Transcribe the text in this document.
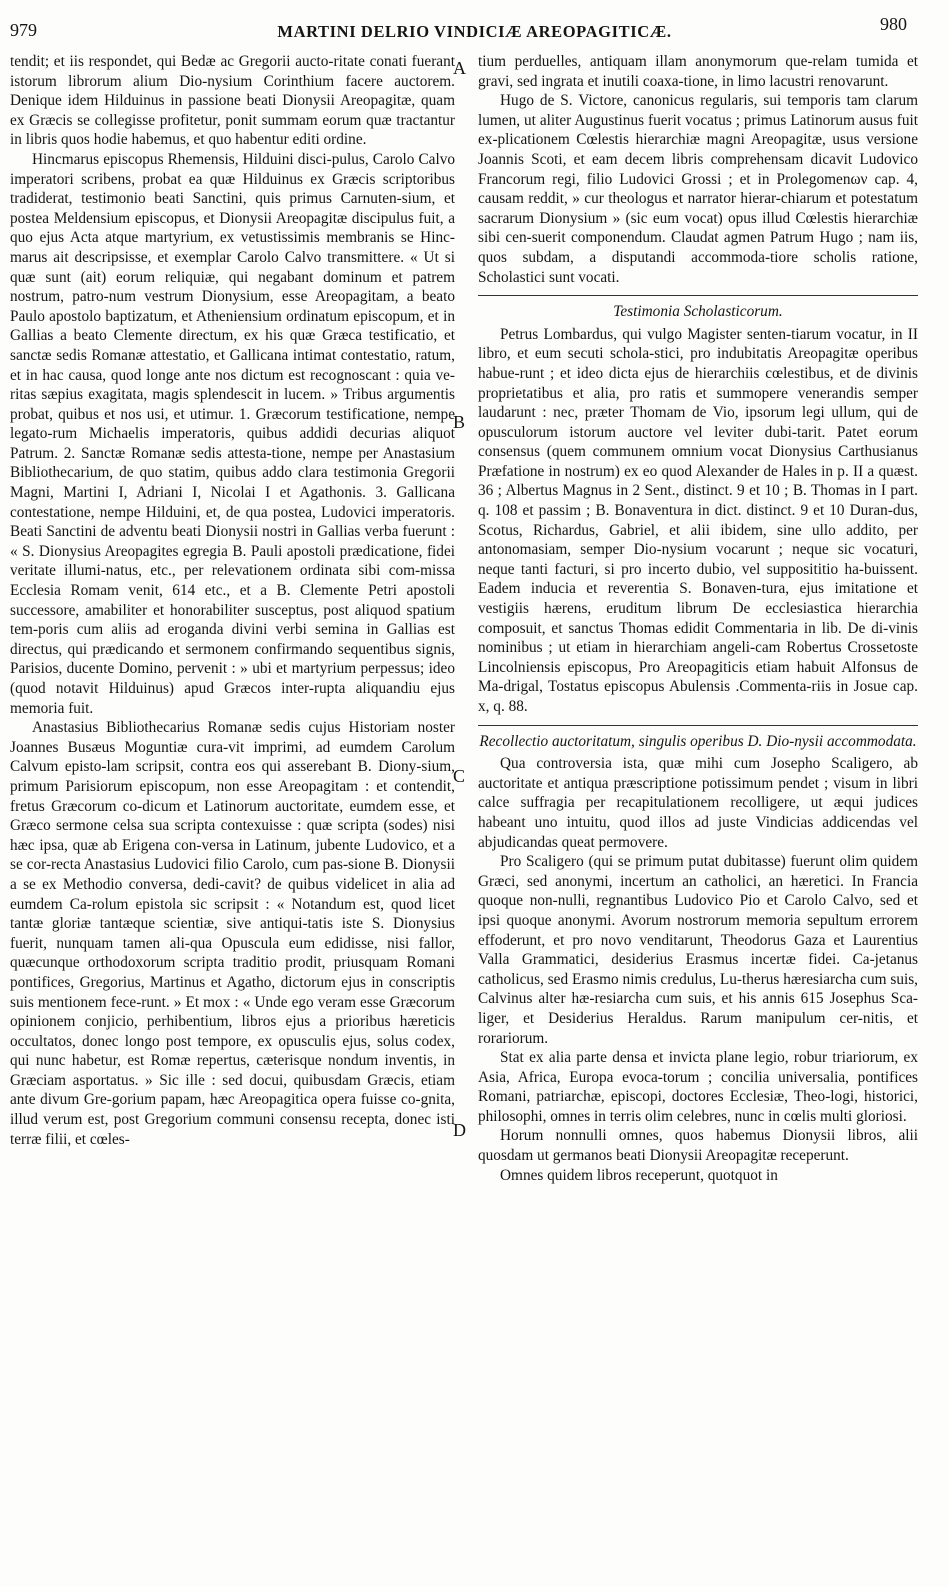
979	MARTINI DELRIO VINDICIÆ AREOPAGITICÆ.	980
A
B
C
D

tendit; et iis respondet, qui Bedæ ac Gregorii aucto-ritate conati fuerant istorum librorum alium Dio-nysium Corinthium facere auctorem. Denique idem Hilduinus in passione beati Dionysii Areopagitæ, quam ex Græcis se collegisse profitetur, ponit summam eorum quæ tractantur in libris quos hodie habemus, et quo habentur editi ordine.

Hincmarus episcopus Rhemensis, Hilduini disci-pulus, Carolo Calvo imperatori scribens, probat ea quæ Hilduinus ex Græcis scriptoribus tradiderat, testimonio beati Sanctini, quis primus Carnuten-sium, et postea Meldensium episcopus, et Dionysii Areopagitæ discipulus fuit, a quo ejus Acta atque martyrium, ex vetustissimis membranis se Hinc-marus ait descripsisse, et exemplar Carolo Calvo transmittere. « Ut si quæ sunt (ait) eorum reliquiæ, qui negabant dominum et patrem nostrum, patro-num vestrum Dionysium, esse Areopagitam, a beato Paulo apostolo baptizatum, et Atheniensium ordinatum episcopum, et in Gallias a beato Clemente directum, ex his quæ Græca testificatio, et sanctæ sedis Romanæ attestatio, et Gallicana intimat contestatio, ratum, et in hac causa, quod longe ante nos dictum est recognoscant : quia ve-ritas sæpius exagitata, magis splendescit in lucem. » Tribus argumentis probat, quibus et nos usi, et utimur. 1. Græcorum testificatione, nempe legato-rum Michaelis imperatoris, quibus addidi decurias aliquot Patrum. 2. Sanctæ Romanæ sedis attesta-tione, nempe per Anastasium Bibliothecarium, de quo statim, quibus addo clara testimonia Gregorii Magni, Martini I, Adriani I, Nicolai I et Agathonis. 3. Gallicana contestatione, nempe Hilduini, et, de qua postea, Ludovici imperatoris. Beati Sanctini de adventu beati Dionysii nostri in Gallias verba fuerunt : « S. Dionysius Areopagites egregia B. Pauli apostoli prædicatione, fidei veritate illumi-natus, etc., per relevationem ordinata sibi com-missa Ecclesia Romam venit, 614 etc., et a B. Clemente Petri apostoli successore, amabiliter et honorabiliter susceptus, post aliquod spatium tem-poris cum aliis ad eroganda divini verbi semina in Gallias est directus, qui prædicando et sermonem confirmando sequentibus signis, Parisios, ducente Domino, pervenit : » ubi et martyrium perpessus; ideo (quod notavit Hilduinus) apud Græcos inter-rupta aliquandiu ejus memoria fuit.

Anastasius Bibliothecarius Romanæ sedis cujus Historiam noster Joannes Busæus Moguntiæ cura-vit imprimi, ad eumdem Carolum Calvum episto-lam scripsit, contra eos qui asserebant B. Diony-sium, primum Parisiorum episcopum, non esse Areopagitam : et contendit, fretus Græcorum co-dicum et Latinorum auctoritate, eumdem esse, et Græco sermone celsa sua scripta contexuisse : quæ scripta (sodes) nisi hæc ipsa, quæ ab Erigena con-versa in Latinum, jubente Ludovico, et a se cor-recta Anastasius Ludovici filio Carolo, cum pas-sione B. Dionysii a se ex Methodio conversa, dedi-cavit? de quibus videlicet in alia ad eumdem Ca-rolum epistola sic scripsit : « Notandum est, quod licet tantæ gloriæ tantæque scientiæ, sive antiqui-tatis iste S. Dionysius fuerit, nunquam tamen ali-qua Opuscula eum edidisse, nisi fallor, quæcunque orthodoxorum scripta traditio prodit, priusquam Romani pontifices, Gregorius, Martinus et Agatho, dictorum ejus in conscriptis suis mentionem fece-runt. » Et mox : « Unde ego veram esse Græcorum opinionem conjicio, perhibentium, libros ejus a prioribus hæreticis occultatos, donec longo post tempore, ex opusculis ejus, solus codex, qui nunc habetur, est Romæ repertus, cæterisque nondum inventis, in Græciam asportatus. » Sic ille : sed docui, quibusdam Græcis, etiam ante divum Gre-gorium papam, hæc Areopagitica opera fuisse co-gnita, illud verum est, post Gregorium communi consensu recepta, donec isti terræ filii, et cœles-

tium perduelles, antiquam illam anonymorum que-relam tumida et gravi, sed ingrata et inutili coaxa-tione, in limo lacustri renovarunt.

Hugo de S. Victore, canonicus regularis, sui temporis tam clarum lumen, ut aliter Augustinus fuerit vocatus ; primus Latinorum ausus fuit ex-plicationem Cœlestis hierarchiæ magni Areopagitæ, usus versione Joannis Scoti, et eam decem libris comprehensam dicavit Ludovico Francorum regi, filio Ludovici Grossi ; et in Prolegomenων cap. 4, causam reddit, » cur theologus et narrator hierar-chiarum et potestatum sacrarum Dionysium » (sic eum vocat) opus illud Cœlestis hierarchiæ sibi cen-suerit componendum. Claudat agmen Patrum Hugo ; nam iis, quos subdam, a disputandi accommoda-tiore scholis ratione, Scholastici sunt vocati.

Testimonia Scholasticorum.

Petrus Lombardus, qui vulgo Magister senten-tiarum vocatur, in II libro, et eum secuti schola-stici, pro indubitatis Areopagitæ operibus habue-runt ; et ideo dicta ejus de hierarchiis cœlestibus, et de divinis proprietatibus et alia, pro ratis et summopere venerandis semper laudarunt : nec, præter Thomam de Vio, ipsorum legi ullum, qui de opusculorum istorum auctore vel leviter dubi-tarit. Patet eorum consensus (quem communem omnium vocat Dionysius Carthusianus Præfatione in nostrum) ex eo quod Alexander de Hales in p. II a quæst. 36 ; Albertus Magnus in 2 Sent., distinct. 9 et 10 ; B. Thomas in I part. q. 108 et passim ; B. Bonaventura in dict. distinct. 9 et 10 Duran-dus, Scotus, Richardus, Gabriel, et alii ibidem, sine ullo addito, per antonomasiam, semper Dio-nysium vocarunt ; neque sic vocaturi, neque tanti facturi, si pro incerto dubio, vel supposititio ha-buissent. Eadem inducia et reverentia S. Bonaven-tura, ejus imitatione et vestigiis hærens, eruditum librum De ecclesiastica hierarchia composuit, et sanctus Thomas edidit Commentaria in lib. De di-vinis nominibus ; ut etiam in hierarchiam angeli-cam Robertus Crossetoste Lincolniensis episcopus, Pro Areopagiticis etiam habuit Alfonsus de Ma-drigal, Tostatus episcopus Abulensis .Commenta-riis in Josue cap. x, q. 88.

Recollectio auctoritatum, singulis operibus D. Dio-nysii accommodata.

Qua controversia ista, quæ mihi cum Josepho Scaligero, ab auctoritate et antiqua præscriptione potissimum pendet ; visum in libri calce suffragia per recapitulationem recolligere, ut æqui judices habeant uno intuitu, quod illos ad juste Vindicias addicendas vel abjudicandas queat permovere.

Pro Scaligero (qui se primum putat dubitasse) fuerunt olim quidem Græci, sed anonymi, incertum an catholici, an hæretici. In Francia quoque non-nulli, regnantibus Ludovico Pio et Carolo Calvo, sed et ipsi quoque anonymi. Avorum nostrorum memoria sepultum errorem effoderunt, et pro novo venditarunt, Theodorus Gaza et Laurentius Valla Grammatici, desiderius Erasmus incertæ fidei. Ca-jetanus catholicus, sed Erasmo nimis credulus, Lu-therus hæresiarcha cum suis, Calvinus alter hæ-resiarcha cum suis, et his annis 615 Josephus Sca-liger, et Desiderius Heraldus. Rarum manipulum cer-nitis, et rorariorum.

Stat ex alia parte densa et invicta plane legio, robur triariorum, ex Asia, Africa, Europa evoca-torum ; concilia universalia, pontifices Romani, patriarchæ, episcopi, doctores Ecclesiæ, Theo-logi, historici, philosophi, omnes in terris olim celebres, nunc in cœlis multi gloriosi.

Horum nonnulli omnes, quos habemus Dionysii libros, alii quosdam ut germanos beati Dionysii Areopagitæ receperunt.

Omnes quidem libros receperunt, quotquot in
